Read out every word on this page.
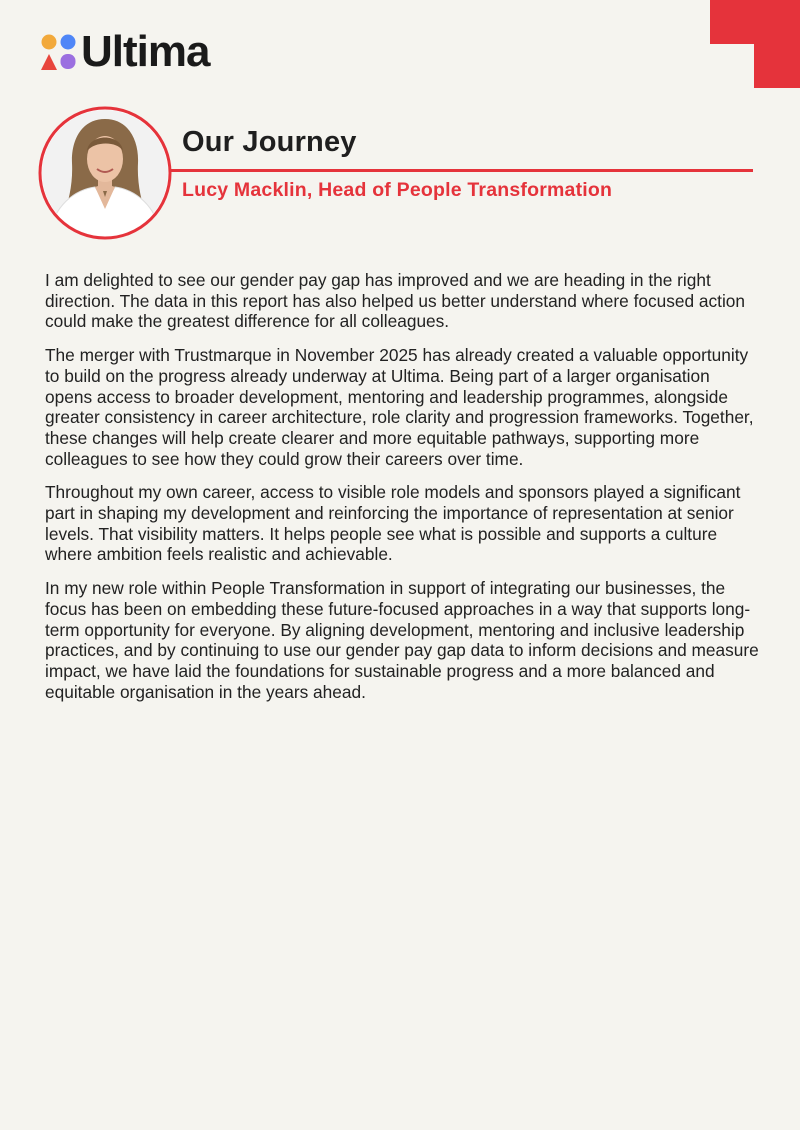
Ultima
Our Journey
Lucy Macklin, Head of People Transformation

I am delighted to see our gender pay gap has improved and we are heading in the right direction. The data in this report has also helped us better understand where focused action could make the greatest difference for all colleagues.

The merger with Trustmarque in November 2025 has already created a valuable opportunity to build on the progress already underway at Ultima. Being part of a larger organisation opens access to broader development, mentoring and leadership programmes, alongside greater consistency in career architecture, role clarity and progression frameworks. Together, these changes will help create clearer and more equitable pathways, supporting more colleagues to see how they could grow their careers over time.

Throughout my own career, access to visible role models and sponsors played a significant part in shaping my development and reinforcing the importance of representation at senior levels. That visibility matters. It helps people see what is possible and supports a culture where ambition feels realistic and achievable.

In my new role within People Transformation in support of integrating our businesses, the focus has been on embedding these future-focused approaches in a way that supports long-term opportunity for everyone. By aligning development, mentoring and inclusive leadership practices, and by continuing to use our gender pay gap data to inform decisions and measure impact, we have laid the foundations for sustainable progress and a more balanced and equitable organisation in the years ahead.
